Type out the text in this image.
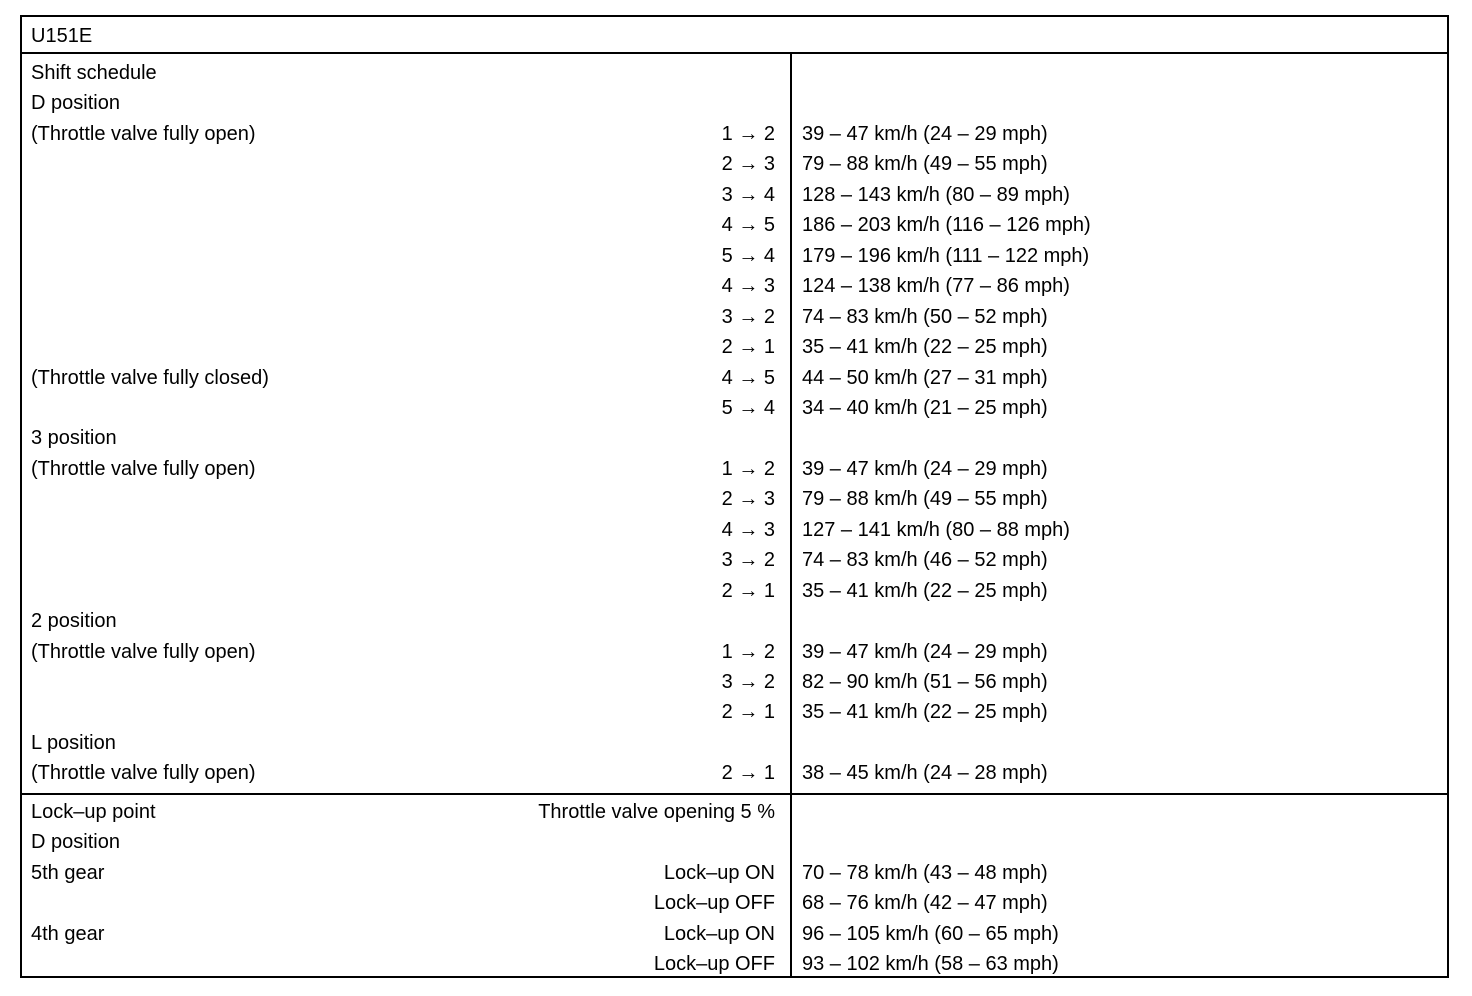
U151E
Shift schedule
D position
(Throttle valve fully open)	1 → 2 39 – 47 km/h (24 – 29 mph)
2 → 3 79 – 88 km/h (49 – 55 mph)
3 → 4 128 – 143 km/h (80 – 89 mph)
4 → 5 186 – 203 km/h (116 – 126 mph)
5 → 4 179 – 196 km/h (111 – 122 mph)
4 → 3 124 – 138 km/h (77 – 86 mph)
3 → 2 74 – 83 km/h (50 – 52 mph)
2 → 1 35 – 41 km/h (22 – 25 mph)
(Throttle valve fully closed)	4 → 5 44 – 50 km/h (27 – 31 mph)
5 → 4 34 – 40 km/h (21 – 25 mph)
3 position
(Throttle valve fully open)	1 → 2 39 – 47 km/h (24 – 29 mph)
2 → 3 79 – 88 km/h (49 – 55 mph)
4 → 3 127 – 141 km/h (80 – 88 mph)
3 → 2 74 – 83 km/h (46 – 52 mph)
2 → 1 35 – 41 km/h (22 – 25 mph)
2 position
(Throttle valve fully open)	1 → 2 39 – 47 km/h (24 – 29 mph)
3 → 2 82 – 90 km/h (51 – 56 mph)
2 → 1 35 – 41 km/h (22 – 25 mph)
L position
(Throttle valve fully open)	2 → 1 38 – 45 km/h (24 – 28 mph)
Lock–up point	Throttle valve opening 5 %
D position
5th gear	Lock–up ON 70 – 78 km/h (43 – 48 mph)
Lock–up OFF 68 – 76 km/h (42 – 47 mph)
4th gear	Lock–up ON 96 – 105 km/h (60 – 65 mph)
Lock–up OFF 93 – 102 km/h (58 – 63 mph)
